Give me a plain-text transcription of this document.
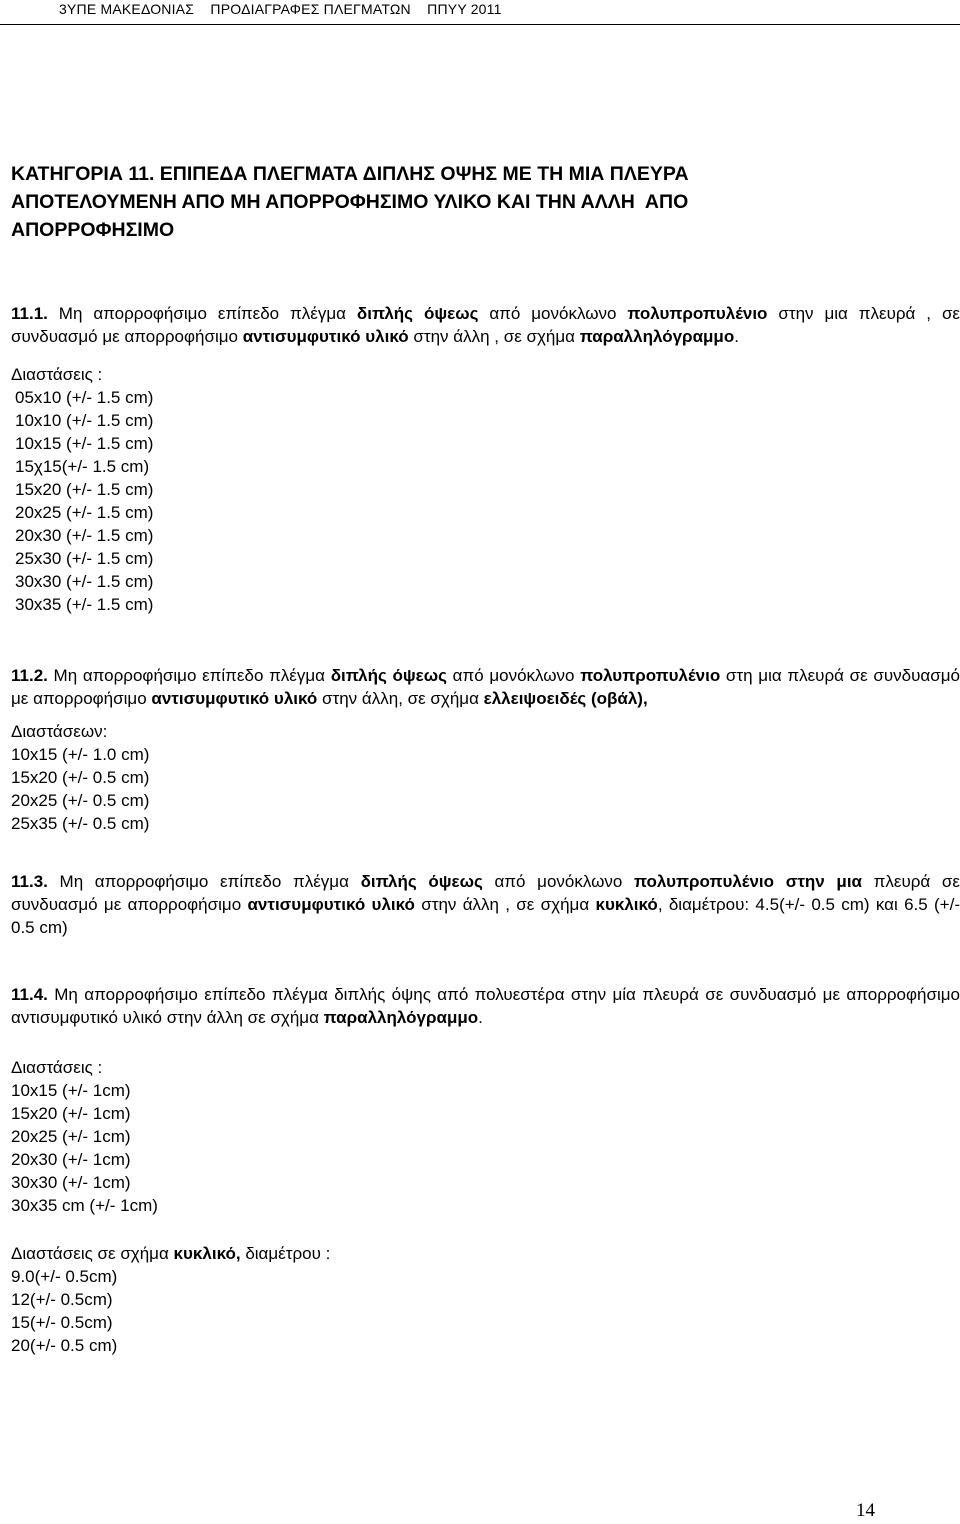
3ΥΠΕ ΜΑΚΕΔΟΝΙΑΣ    ΠΡΟΔΙΑΓΡΑΦΕΣ ΠΛΕΓΜΑΤΩΝ    ΠΠΥΥ 2011
ΚΑΤΗΓΟΡΙΑ 11. ΕΠΙΠΕΔΑ ΠΛΕΓΜΑΤΑ ΔΙΠΛΗΣ ΟΨΗΣ ΜΕ ΤΗ ΜΙΑ ΠΛΕΥΡΑ
ΑΠΟΤΕΛΟΥΜΕΝΗ ΑΠΟ ΜΗ ΑΠΟΡΡΟΦΗΣΙΜΟ ΥΛΙΚΟ ΚΑΙ ΤΗΝ ΑΛΛΗ  ΑΠΟ
ΑΠΟΡΡΟΦΗΣΙΜΟ

11.1. Μη απορροφήσιμο επίπεδο πλέγμα διπλής όψεως από μονόκλωνο πολυπροπυλένιο στην μια πλευρά , σε συνδυασμό με απορροφήσιμο αντισυμφυτικό υλικό στην άλλη , σε σχήμα παραλληλόγραμμο.

Διαστάσεις :

05x10 (+/- 1.5 cm)
10x10 (+/- 1.5 cm)
10x15 (+/- 1.5 cm)
15χ15(+/- 1.5 cm)
15x20 (+/- 1.5 cm)
20x25 (+/- 1.5 cm)
20x30 (+/- 1.5 cm)
25x30 (+/- 1.5 cm)
30x30 (+/- 1.5 cm)
30x35 (+/- 1.5 cm)

11.2. Μη απορροφήσιμο επίπεδο πλέγμα διπλής όψεως από μονόκλωνο πολυπροπυλένιο στη μια πλευρά σε συνδυασμό με απορροφήσιμο αντισυμφυτικό υλικό στην άλλη, σε σχήμα ελλειψοειδές (οβάλ),

Διαστάσεων:

10x15 (+/- 1.0 cm)
15x20 (+/- 0.5 cm)
20x25 (+/- 0.5 cm)
25x35 (+/- 0.5 cm)

11.3. Μη απορροφήσιμο επίπεδο πλέγμα διπλής όψεως από μονόκλωνο πολυπροπυλένιο στην μια πλευρά σε συνδυασμό με απορροφήσιμο αντισυμφυτικό υλικό στην άλλη , σε σχήμα κυκλικό, διαμέτρου: 4.5(+/- 0.5 cm) και 6.5 (+/- 0.5 cm)

11.4. Μη απορροφήσιμο επίπεδο πλέγμα διπλής όψης από πολυεστέρα στην μία πλευρά σε συνδυασμό με απορροφήσιμο αντισυμφυτικό υλικό στην άλλη σε σχήμα παραλληλόγραμμο.

Διαστάσεις :

10x15 (+/- 1cm)
15x20 (+/- 1cm)
20x25 (+/- 1cm)
20x30 (+/- 1cm)
30x30 (+/- 1cm)
30x35 cm (+/- 1cm)

Διαστάσεις σε σχήμα κυκλικό, διαμέτρου :

9.0(+/- 0.5cm)
12(+/- 0.5cm)
15(+/- 0.5cm)
20(+/- 0.5 cm)
14
